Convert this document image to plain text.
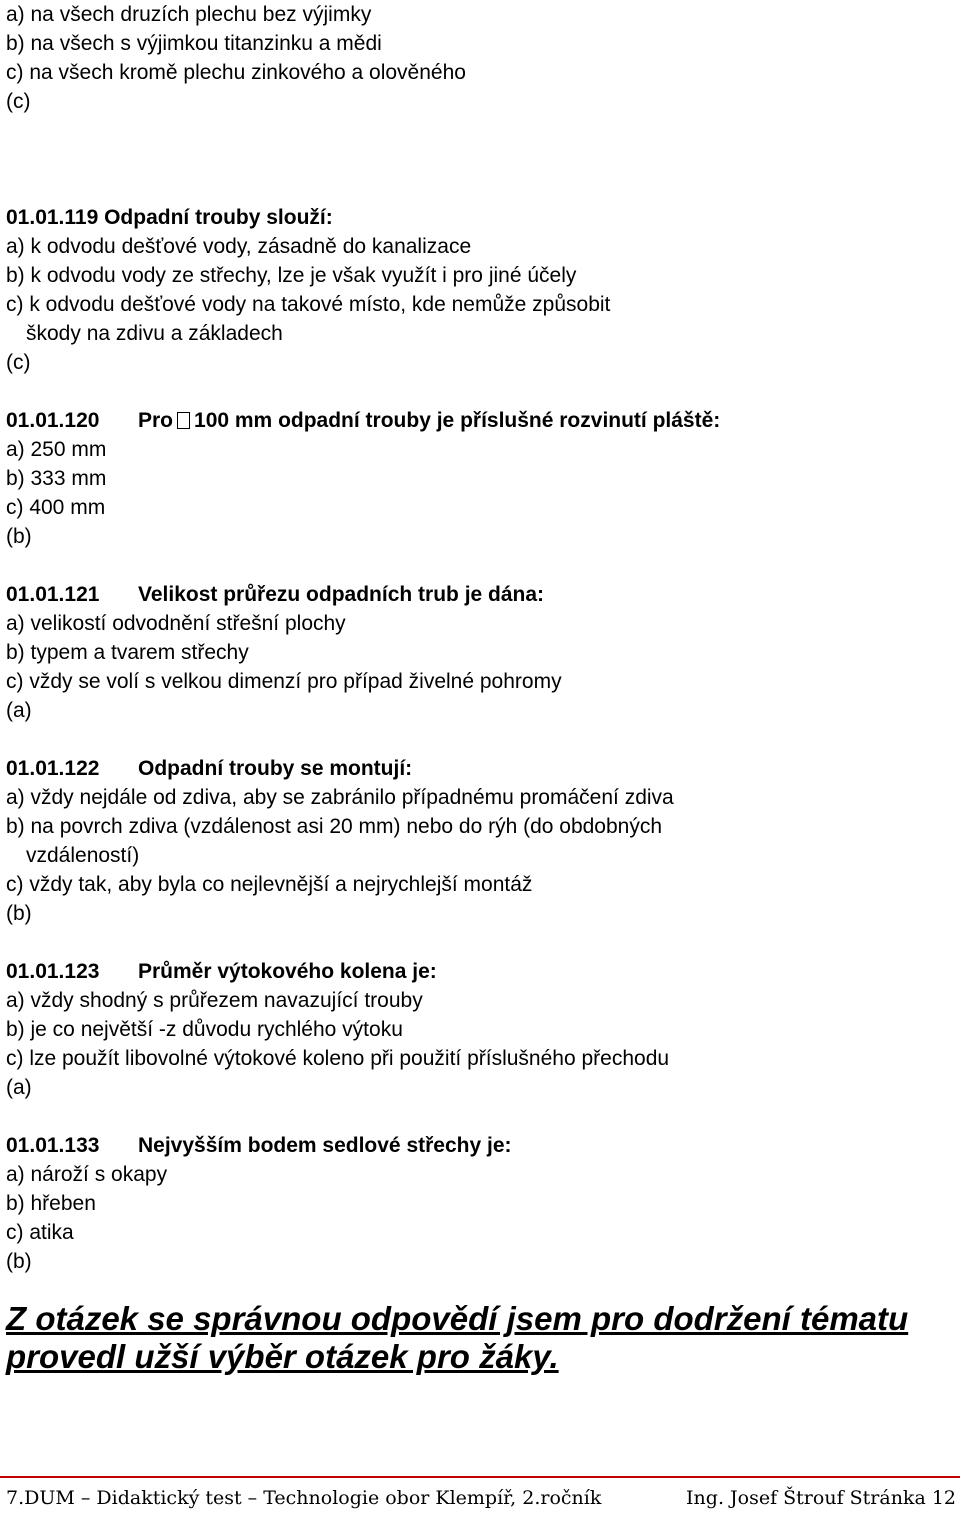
a) na všech druzích plechu bez výjimky
b) na všech s výjimkou titanzinku a mědi
c) na všech kromě plechu zinkového a olověného
(c)
01.01.119 Odpadní trouby slouží:
a) k odvodu dešťové vody, zásadně do kanalizace
b) k odvodu vody ze střechy, lze je však využít i pro jiné účely
c) k odvodu dešťové vody na takové místo, kde nemůže způsobit
škody na zdivu a základech
(c)
01.01.120 Pro 100 mm odpadní trouby je příslušné rozvinutí pláště:
a) 250 mm
b) 333 mm
c) 400 mm
(b)
01.01.121 Velikost průřezu odpadních trub je dána:
a) velikostí odvodnění střešní plochy
b) typem a tvarem střechy
c) vždy se volí s velkou dimenzí pro případ živelné pohromy
(a)
01.01.122 Odpadní trouby se montují:
a) vždy nejdále od zdiva, aby se zabránilo případnému promáčení zdiva
b) na povrch zdiva (vzdálenost asi 20 mm) nebo do rýh (do obdobných
vzdáleností)
c) vždy tak, aby byla co nejlevnější a nejrychlejší montáž
(b)
01.01.123 Průměr výtokového kolena je:
a) vždy shodný s průřezem navazující trouby
b) je co největší -z důvodu rychlého výtoku
c) lze použít libovolné výtokové koleno při použití příslušného přechodu
(a)
01.01.133 Nejvyšším bodem sedlové střechy je:
a) nároží s okapy
b) hřeben
c) atika
(b)
Z otázek se správnou odpovědí jsem pro dodržení tématu
provedl užší výběr otázek pro žáky.
7.DUM – Didaktický test – Technologie obor Klempíř, 2.ročník	Ing. Josef Štrouf Stránka 12
